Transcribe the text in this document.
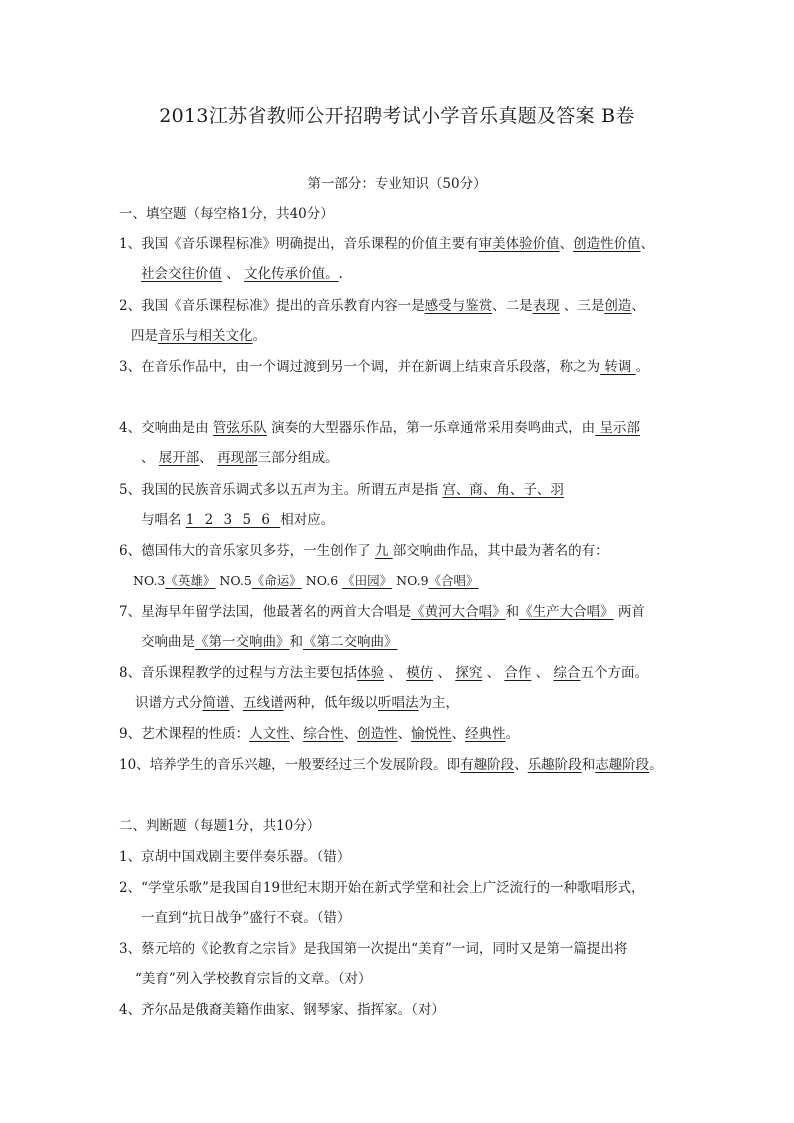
2013江苏省教师公开招聘考试小学音乐真题及答案 B卷
第一部分：专业知识（50分）
一、填空题（每空格1分，共40分）
1、我国《音乐课程标准》明确提出，音乐课程的价值主要有审美体验价值、创造性价值、
社会交往价值 、 文化传承价值。.
2、我国《音乐课程标准》提出的音乐教育内容一是感受与鉴赏、二是表现 、三是创造、
四是音乐与相关文化。
3、在音乐作品中，由一个调过渡到另一个调，并在新调上结束音乐段落，称之为 转调 。
4、交响曲是由 管弦乐队 演奏的大型器乐作品，第一乐章通常采用奏鸣曲式，由 呈示部
、 展开部、 再现部三部分组成。
5、我国的民族音乐调式多以五声为主。所谓五声是指 宫、商、角、子、羽
与唱名 1 2 3 5 6 相对应。
6、德国伟大的音乐家贝多芬，一生创作了 九 部交响曲作品，其中最为著名的有：
NO.3《英雄》 NO.5《命运》 NO.6 《田园》 NO.9《合唱》
7、星海早年留学法国，他最著名的两首大合唱是《黄河大合唱》和《生产大合唱》 两首
交响曲是《第一交响曲》和《第二交响曲》
8、音乐课程教学的过程与方法主要包括体验 、 模仿 、 探究 、 合作 、 综合五个方面。
识谱方式分简谱、五线谱两种，低年级以听唱法为主，
9、艺术课程的性质：人文性、综合性、创造性、愉悦性、经典性。
10、培养学生的音乐兴趣，一般要经过三个发展阶段。即有趣阶段、乐趣阶段和志趣阶段。
二、判断题（每题1分，共10分）
1、京胡中国戏剧主要伴奏乐器。（错）
2、“学堂乐歌”是我国自19世纪末期开始在新式学堂和社会上广泛流行的一种歌唱形式，
一直到“抗日战争”盛行不衰。（错）
3、蔡元培的《论教育之宗旨》是我国第一次提出“美育”一词，同时又是第一篇提出将
“美育”列入学校教育宗旨的文章。（对）
4、齐尔品是俄裔美籍作曲家、钢琴家、指挥家。（对）
